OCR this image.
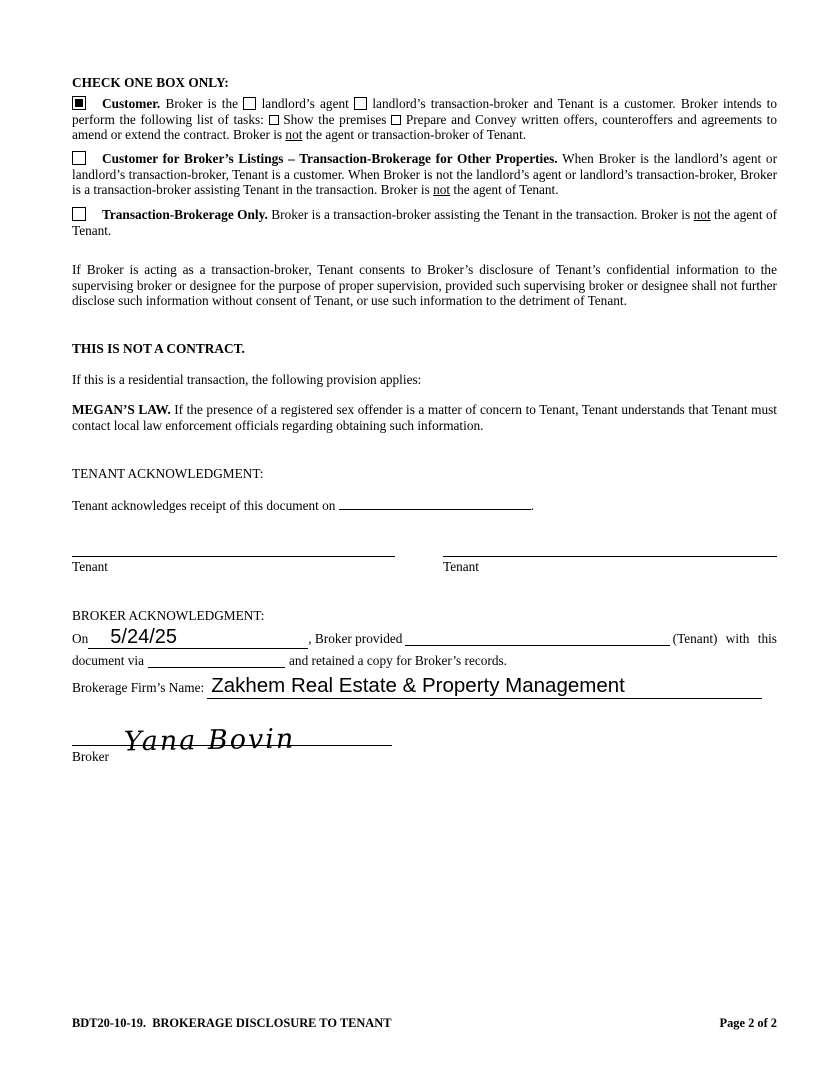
CHECK ONE BOX ONLY:
Customer. Broker is the landlord’s agent landlord’s transaction-broker and Tenant is a customer. Broker intends to perform the following list of tasks: Show the premises Prepare and Convey written offers, counteroffers and agreements to amend or extend the contract. Broker is not the agent or transaction-broker of Tenant.
Customer for Broker’s Listings – Transaction-Brokerage for Other Properties. When Broker is the landlord’s agent or landlord’s transaction-broker, Tenant is a customer. When Broker is not the landlord’s agent or landlord’s transaction-broker, Broker is a transaction-broker assisting Tenant in the transaction. Broker is not the agent of Tenant.
Transaction-Brokerage Only. Broker is a transaction-broker assisting the Tenant in the transaction. Broker is not the agent of Tenant.
If Broker is acting as a transaction-broker, Tenant consents to Broker’s disclosure of Tenant’s confidential information to the supervising broker or designee for the purpose of proper supervision, provided such supervising broker or designee shall not further disclose such information without consent of Tenant, or use such information to the detriment of Tenant.
THIS IS NOT A CONTRACT.
If this is a residential transaction, the following provision applies:
MEGAN’S LAW. If the presence of a registered sex offender is a matter of concern to Tenant, Tenant understands that Tenant must contact local law enforcement officials regarding obtaining such information.
TENANT ACKNOWLEDGMENT:
Tenant acknowledges receipt of this document on	.
Tenant	Tenant
BROKER ACKNOWLEDGMENT:
On	5/24/25	, Broker provided	(Tenant) with this
document via	and retained a copy for Broker’s records.
Brokerage Firm’s Name: Zakhem Real Estate & Property Management
Yana Bovin
Broker
BDT20-10-19.  BROKERAGE DISCLOSURE TO TENANT	Page 2 of 2
